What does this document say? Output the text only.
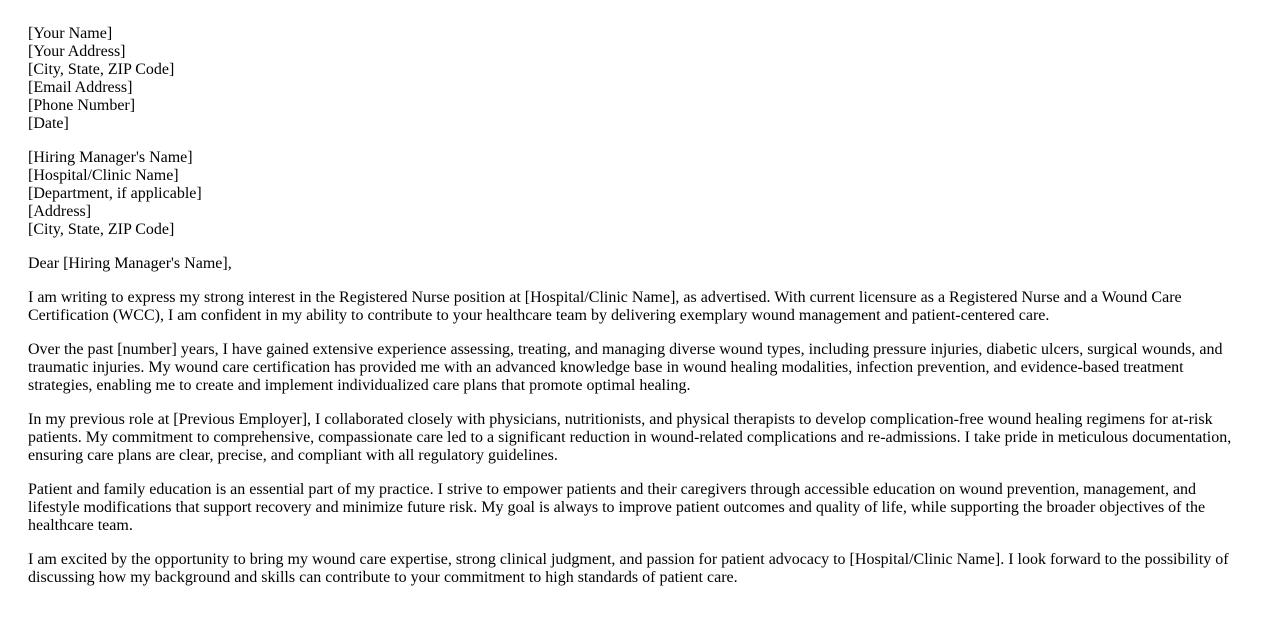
[Your Name]
[Your Address]
[City, State, ZIP Code]
[Email Address]
[Phone Number]
[Date]
[Hiring Manager's Name]
[Hospital/Clinic Name]
[Department, if applicable]
[Address]
[City, State, ZIP Code]
Dear [Hiring Manager's Name],
I am writing to express my strong interest in the Registered Nurse position at [Hospital/Clinic Name], as advertised. With current licensure as a Registered Nurse and a Wound Care Certification (WCC), I am confident in my ability to contribute to your healthcare team by delivering exemplary wound management and patient-centered care.
Over the past [number] years, I have gained extensive experience assessing, treating, and managing diverse wound types, including pressure injuries, diabetic ulcers, surgical wounds, and traumatic injuries. My wound care certification has provided me with an advanced knowledge base in wound healing modalities, infection prevention, and evidence-based treatment strategies, enabling me to create and implement individualized care plans that promote optimal healing.
In my previous role at [Previous Employer], I collaborated closely with physicians, nutritionists, and physical therapists to develop complication-free wound healing regimens for at-risk patients. My commitment to comprehensive, compassionate care led to a significant reduction in wound-related complications and re-admissions. I take pride in meticulous documentation, ensuring care plans are clear, precise, and compliant with all regulatory guidelines.
Patient and family education is an essential part of my practice. I strive to empower patients and their caregivers through accessible education on wound prevention, management, and lifestyle modifications that support recovery and minimize future risk. My goal is always to improve patient outcomes and quality of life, while supporting the broader objectives of the healthcare team.
I am excited by the opportunity to bring my wound care expertise, strong clinical judgment, and passion for patient advocacy to [Hospital/Clinic Name]. I look forward to the possibility of discussing how my background and skills can contribute to your commitment to high standards of patient care.
